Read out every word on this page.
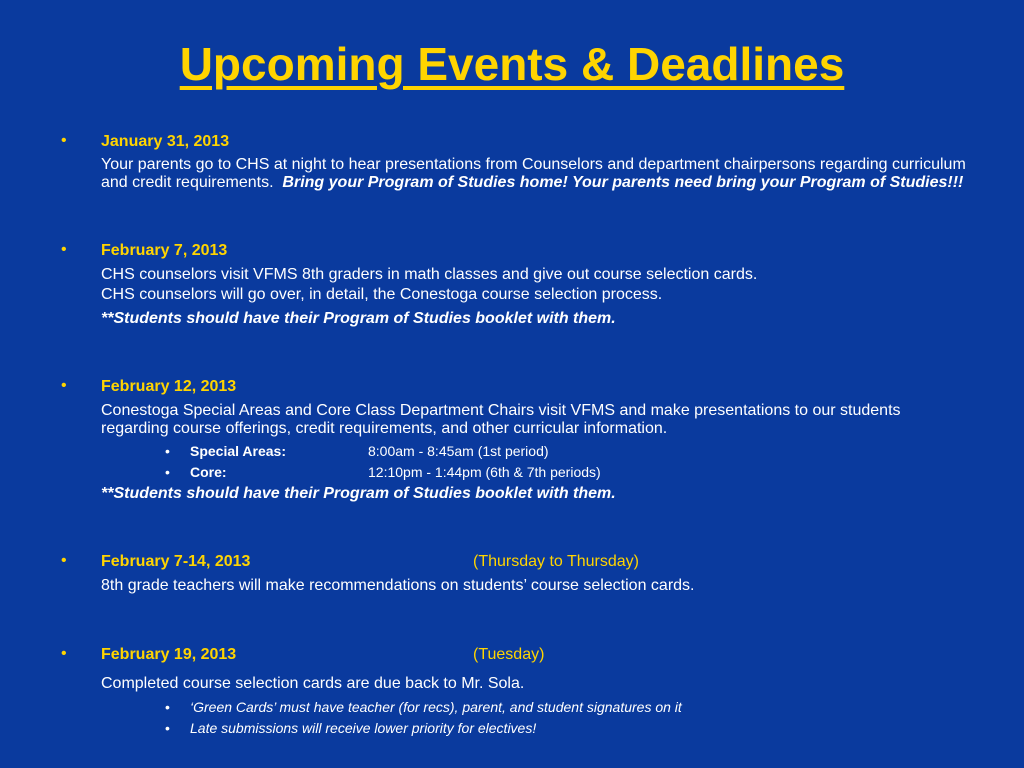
Upcoming Events & Deadlines
• January 31, 2013
Your parents go to CHS at night to hear presentations from Counselors and department chairpersons regarding curriculum and credit requirements. Bring your Program of Studies home! Your parents need bring your Program of Studies!!!
• February 7, 2013
CHS counselors visit VFMS 8th graders in math classes and give out course selection cards.
CHS counselors will go over, in detail, the Conestoga course selection process.
**Students should have their Program of Studies booklet with them.
• February 12, 2013
Conestoga Special Areas and Core Class Department Chairs visit VFMS and make presentations to our students regarding course offerings, credit requirements, and other curricular information.
• Special Areas:	8:00am - 8:45am (1st period)
• Core:	12:10pm - 1:44pm (6th & 7th periods)
**Students should have their Program of Studies booklet with them.
• February 7-14, 2013	(Thursday to Thursday)
8th grade teachers will make recommendations on students’ course selection cards.
• February 19, 2013	(Tuesday)
Completed course selection cards are due back to Mr. Sola.
• ‘Green Cards’ must have teacher (for recs), parent, and student signatures on it
• Late submissions will receive lower priority for electives!
